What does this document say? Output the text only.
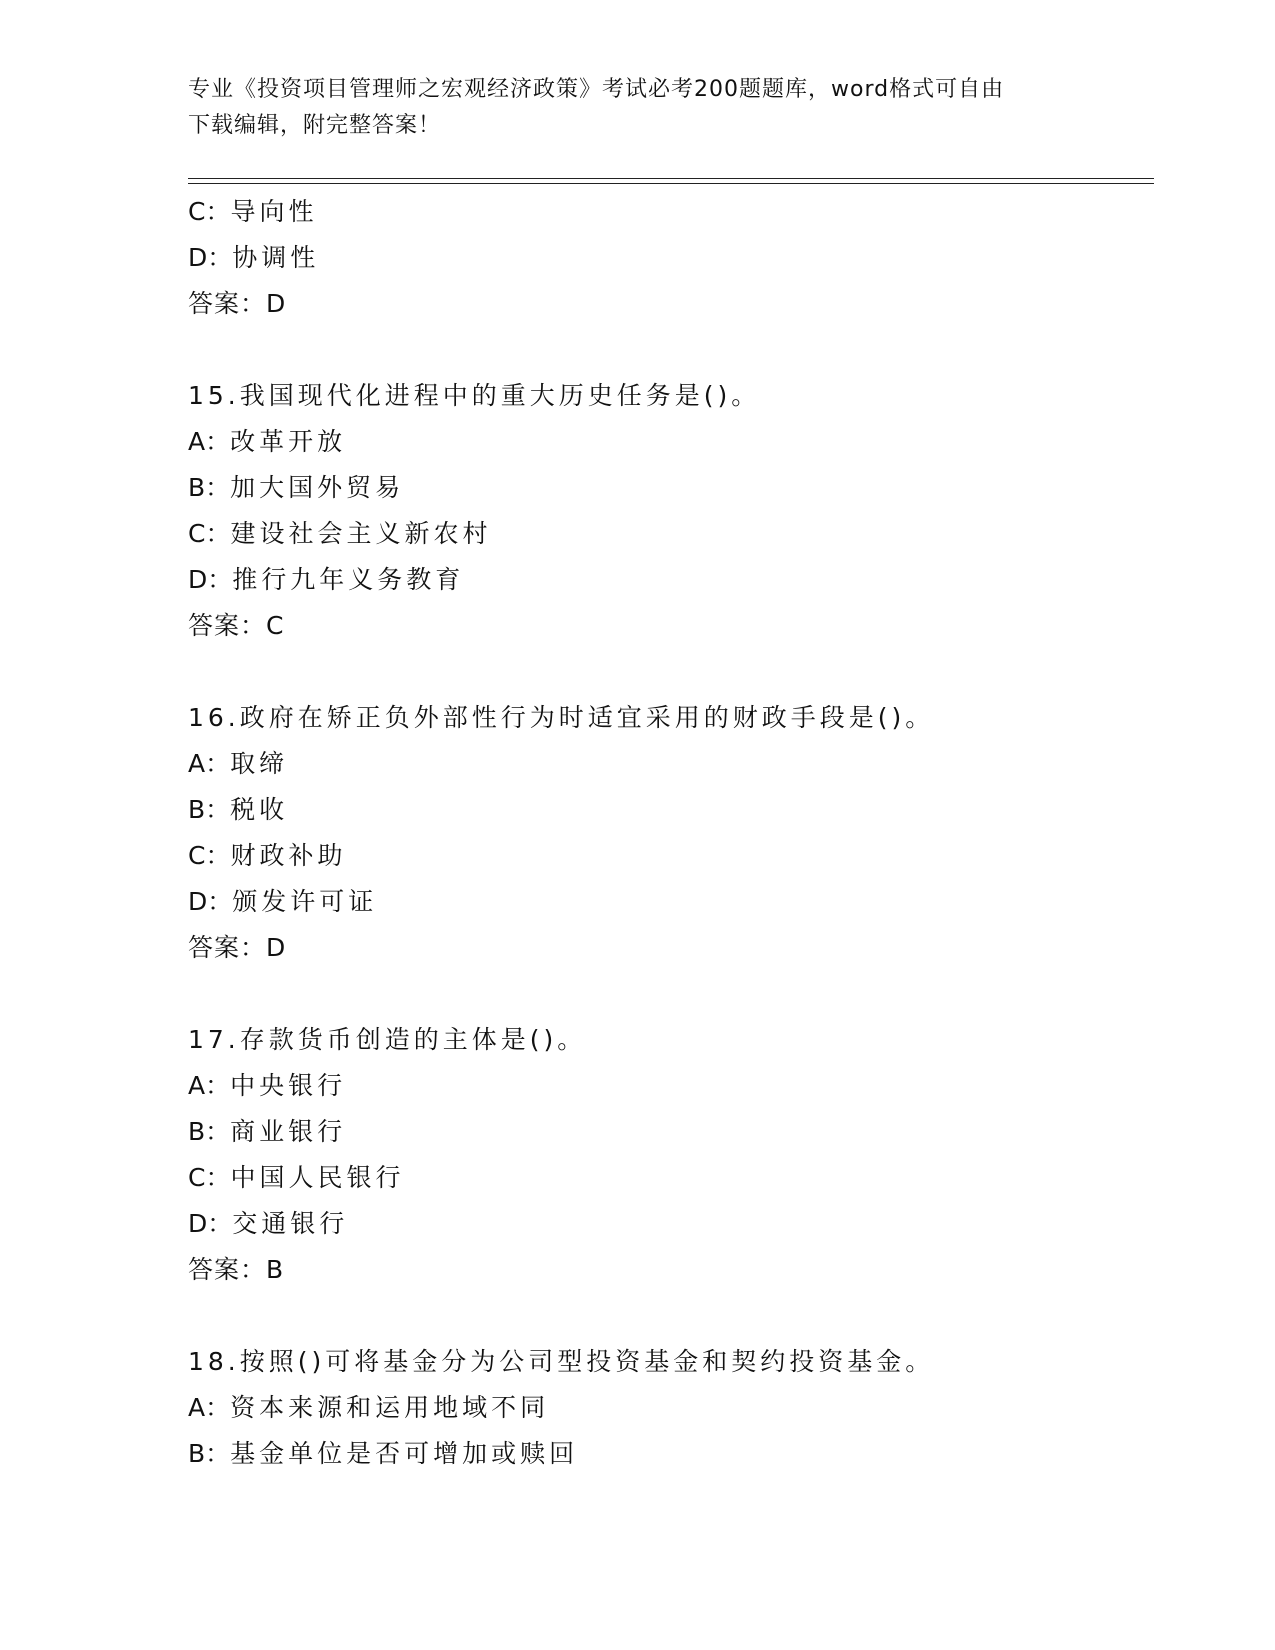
专业《投资项目管理师之宏观经济政策》考试必考200题题库，word格式可自由
下载编辑，附完整答案！
C：导向性
D：协调性
答案：D
15.我国现代化进程中的重大历史任务是()。
A：改革开放
B：加大国外贸易
C：建设社会主义新农村
D：推行九年义务教育
答案：C
16.政府在矫正负外部性行为时适宜采用的财政手段是()。
A：取缔
B：税收
C：财政补助
D：颁发许可证
答案：D
17.存款货币创造的主体是()。
A：中央银行
B：商业银行
C：中国人民银行
D：交通银行
答案：B
18.按照()可将基金分为公司型投资基金和契约投资基金。
A：资本来源和运用地域不同
B：基金单位是否可增加或赎回
